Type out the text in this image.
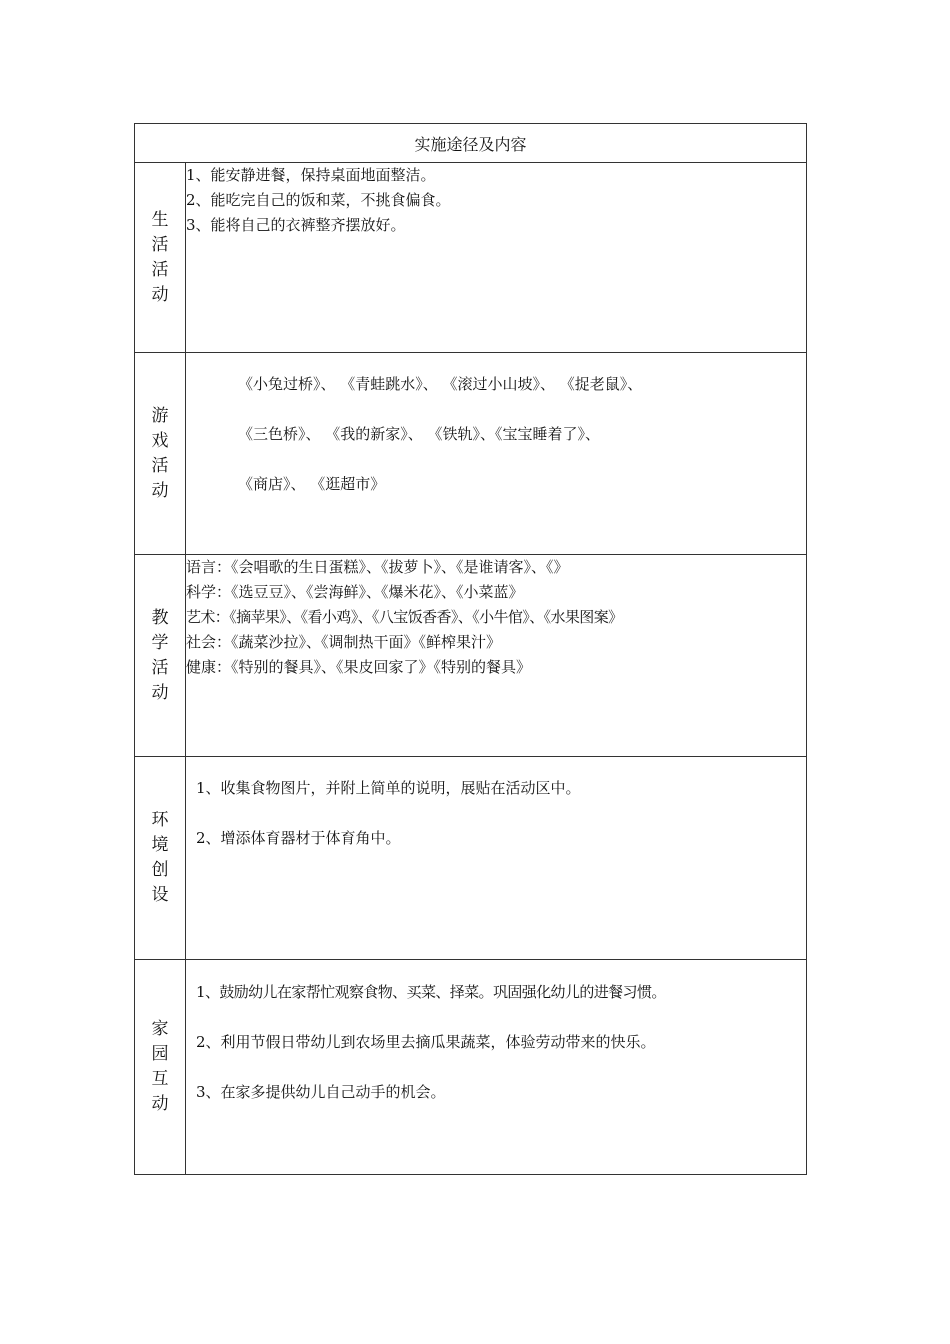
实施途径及内容	
生活活动	1、能安静进餐，保持桌面地面整洁。
2、能吃完自己的饭和菜，不挑食偏食。
3、能将自己的衣裤整齐摆放好。

游戏活动	《小兔过桥》、 《青蛙跳水》、 《滚过小山坡》、 《捉老鼠》、
《三色桥》、 《我的新家》、 《铁轨》、《宝宝睡着了》、
《商店》、 《逛超市》

教学活动	语言：《会唱歌的生日蛋糕》、《拔萝卜》、《是谁请客》、《》
科学：《选豆豆》、《尝海鲜》、《爆米花》、《小菜蓝》
艺术：《摘苹果》、《看小鸡》、《八宝饭香香》、《小牛倌》、《水果图案》
社会：《蔬菜沙拉》、《调制热干面》《鲜榨果汁》
健康：《特别的餐具》、《果皮回家了》《特别的餐具》

环境创设	1、收集食物图片，并附上简单的说明，展贴在活动区中。
2、增添体育器材于体育角中。

家园互动	1、鼓励幼儿在家帮忙观察食物、买菜、择菜。巩固强化幼儿的进餐习惯。
2、利用节假日带幼儿到农场里去摘瓜果蔬菜，体验劳动带来的快乐。
3、在家多提供幼儿自己动手的机会。
